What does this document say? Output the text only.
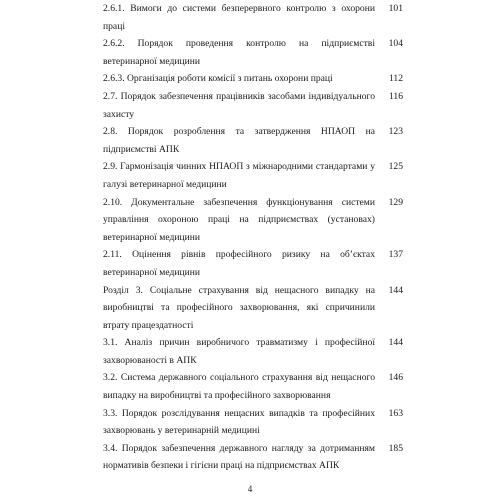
2.6.1. Вимоги до системи безперервного контролю з охорони праці
101
2.6.2. Порядок проведення контролю на підприємстві ветеринарної медицини
104
2.6.3. Організація роботи комісії з питань охорони праці	112
2.7. Порядок забезпечення працівників засобами індивідуального захисту
116
2.8. Порядок розроблення та затвердження НПАОП на підприємстві АПК
123
2.9. Гармонізація чинних НПАОП з міжнародними стандартами у галузі ветеринарної медицини
125
2.10. Документальне забезпечення функціонування системи управління охороною праці на підприємствах (установах) ветеринарної медицини
129
2.11. Оцінення рівнів професійного ризику на об’єктах ветеринарної медицини
137
Розділ 3. Соціальне страхування від нещасного випадку на виробництві та професійного захворювання, які спричинили втрату працездатності
144
3.1. Аналіз причин виробничого травматизму і професійної захворюваності в АПК
144
3.2. Система державного соціального страхування від нещасного випадку на виробництві та професійного захворювання
146
3.3. Порядок розслідування нещасних випадків та професійних захворювань у ветеринарній медицині
163
3.4. Порядок забезпечення державного нагляду за дотриманням нормативів безпеки і гігієни праці на підприємствах АПК
185
4
